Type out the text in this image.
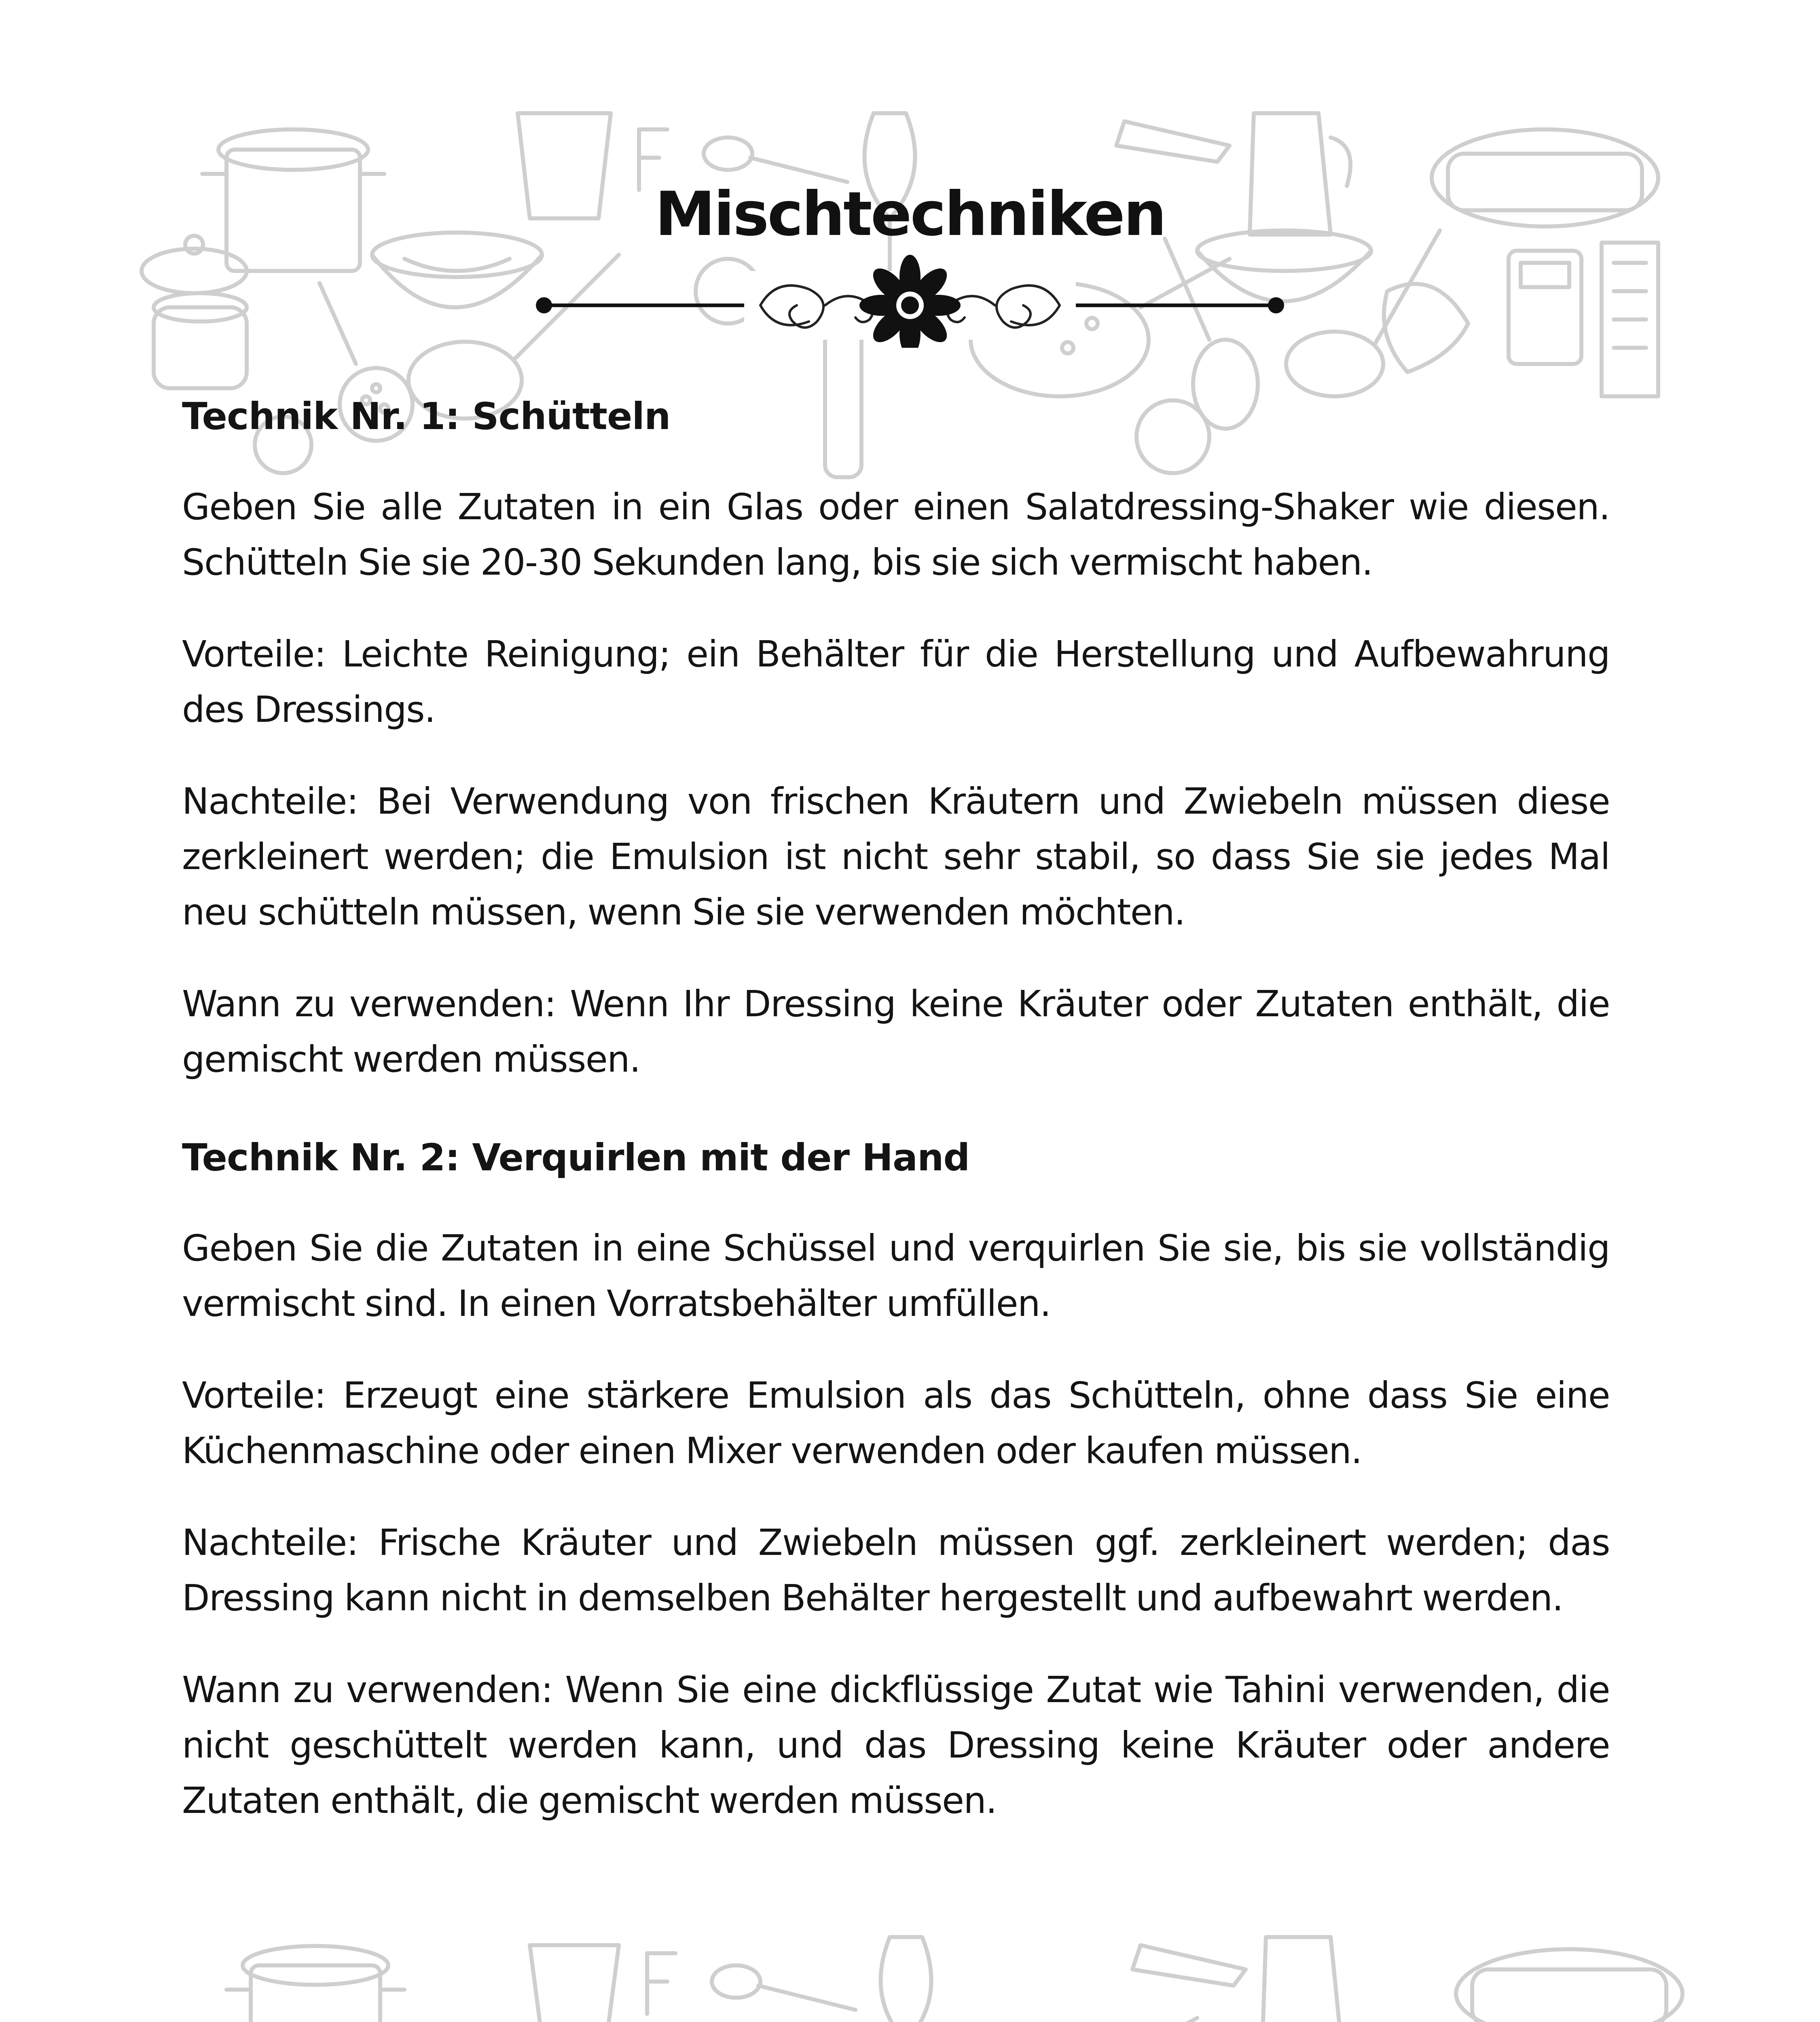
Mischtechniken
Technik Nr. 1: Schütteln

Geben Sie alle Zutaten in ein Glas oder einen Salatdressing-Shaker wie diesen. Schütteln Sie sie 20-30 Sekunden lang, bis sie sich vermischt haben.

Vorteile: Leichte Reinigung; ein Behälter für die Herstellung und Aufbewahrung des Dressings.

Nachteile: Bei Verwendung von frischen Kräutern und Zwiebeln müssen diese zerkleinert werden; die Emulsion ist nicht sehr stabil, so dass Sie sie jedes Mal neu schütteln müssen, wenn Sie sie verwenden möchten.

Wann zu verwenden: Wenn Ihr Dressing keine Kräuter oder Zutaten enthält, die gemischt werden müssen.

Technik Nr. 2: Verquirlen mit der Hand

Geben Sie die Zutaten in eine Schüssel und verquirlen Sie sie, bis sie vollständig vermischt sind. In einen Vorratsbehälter umfüllen.

Vorteile: Erzeugt eine stärkere Emulsion als das Schütteln, ohne dass Sie eine Küchenmaschine oder einen Mixer verwenden oder kaufen müssen.

Nachteile: Frische Kräuter und Zwiebeln müssen ggf. zerkleinert werden; das Dressing kann nicht in demselben Behälter hergestellt und aufbewahrt werden.

Wann zu verwenden: Wenn Sie eine dickflüssige Zutat wie Tahini verwenden, die nicht geschüttelt werden kann, und das Dressing keine Kräuter oder andere Zutaten enthält, die gemischt werden müssen.
